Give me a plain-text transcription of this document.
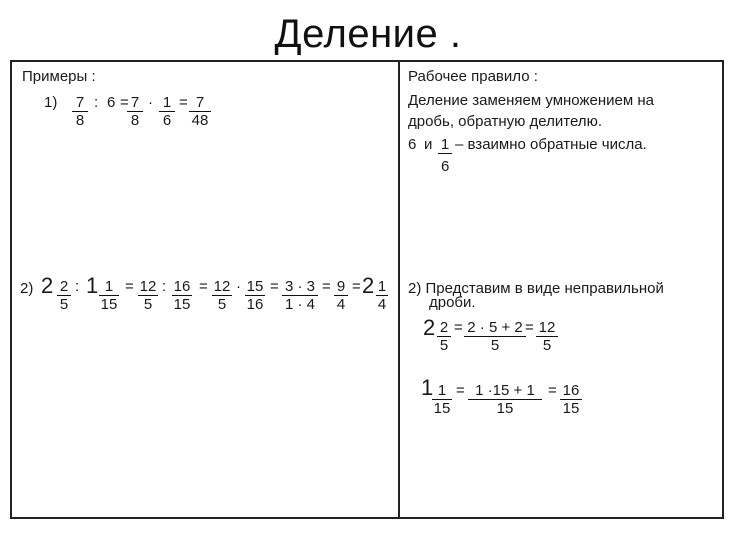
Деление .
Примеры :
$1) \frac{7}{8}$ : 6 =
$\frac{7}{8} \cdot \frac{1}{6} = \frac{7}{48}$
2) $2 \frac{2}{5}$ : $1 \frac{1}{15} = \frac{12}{5}$ : $\frac{16}{15} = \frac{12}{5} \cdot \frac{15}{16} = \frac{3 \cdot 3}{1 \cdot 4} = \frac{9}{4} = 2 \frac{1}{4}$
Рабочее правило :
Деление заменяем умножением на
дробь, обратную делителю.
6 и 1 – взаимно обратные числа.
6
2) Представим в виде неправильной
дроби.
$2 \frac{2}{5} = \frac{2 \cdot 5 + 2}{5} = \frac{12}{5}$
1
$\frac{1}{15} = \frac{1 \cdot 15 + 1}{15} = \frac{16}{15}$
